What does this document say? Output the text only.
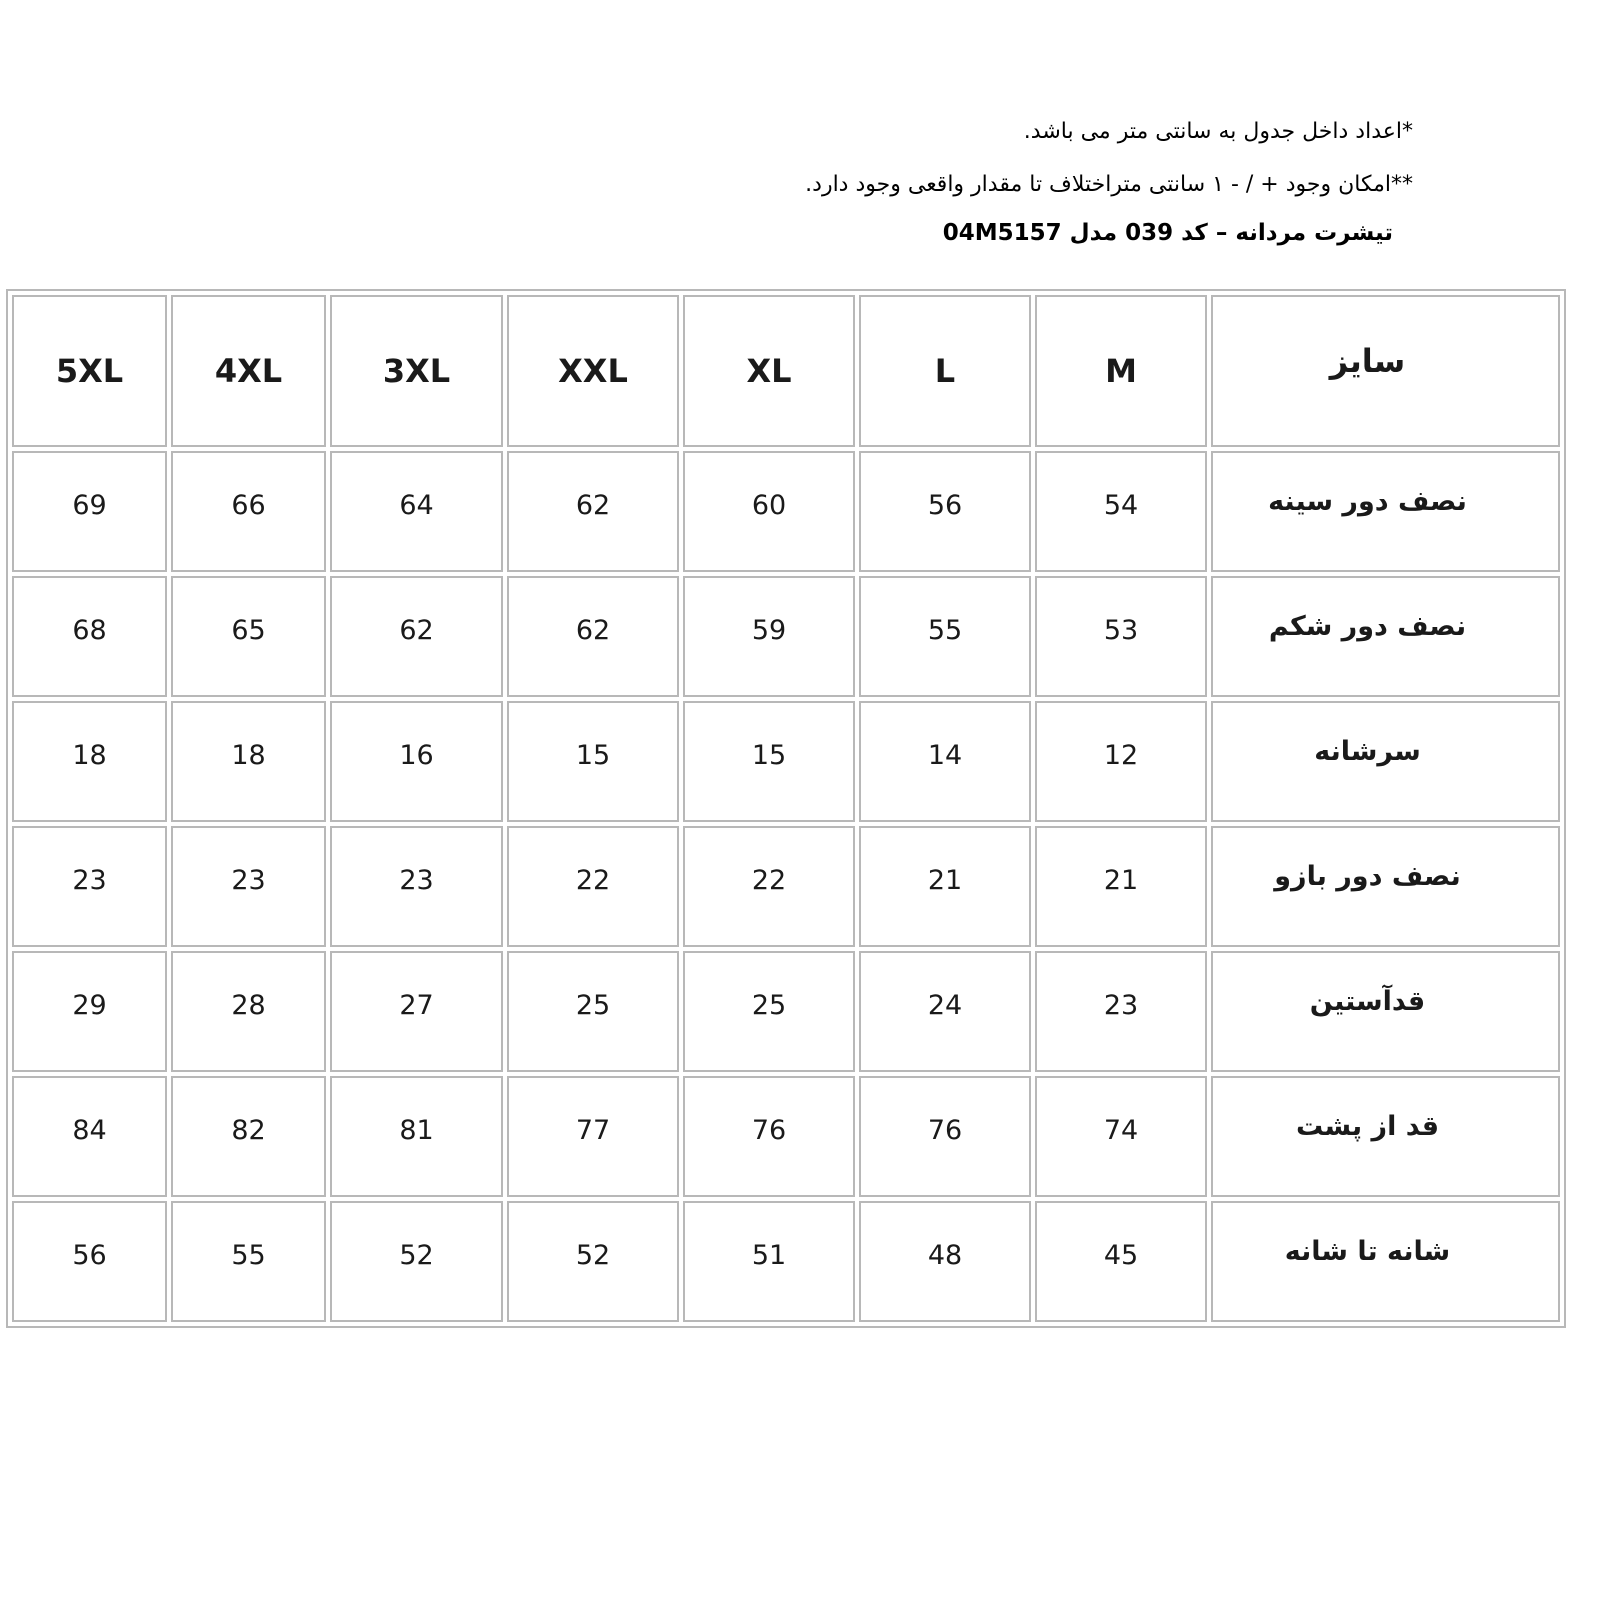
*اعداد داخل جدول به سانتی متر می باشد.
**امکان وجود + / - ۱ سانتی متراختلاف تا مقدار واقعی وجود دارد.
تیشرت مردانه – کد 039 مدل 04M5157
5XL	4XL	3XL	XXL	XL	L	M	سایز
69	66	64	62	60	56	54	نصف دور سینه
68	65	62	62	59	55	53	نصف دور شکم
18	18	16	15	15	14	12	سرشانه
23	23	23	22	22	21	21	نصف دور بازو
29	28	27	25	25	24	23	قدآستین
84	82	81	77	76	76	74	قد از پشت
56	55	52	52	51	48	45	شانه تا شانه
